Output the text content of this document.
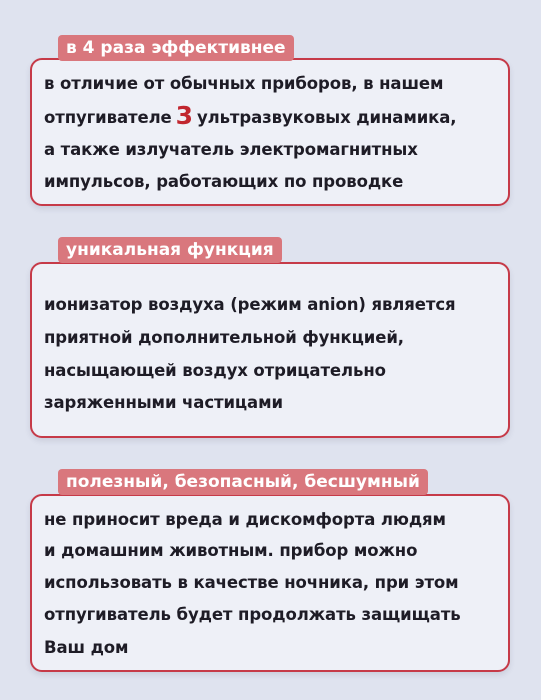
в 4 раза эффективнее
в отличие от обычных приборов, в нашем
отпугивателе 3 ультразвуковых динамика,
а также излучатель электромагнитных
импульсов, работающих по проводке
уникальная функция
ионизатор воздуха (режим anion) является
приятной дополнительной функцией,
насыщающей воздух отрицательно
заряженными частицами
полезный, безопасный, бесшумный
не приносит вреда и дискомфорта людям
и домашним животным. прибор можно
использовать в качестве ночника, при этом
отпугиватель будет продолжать защищать
Ваш дом
